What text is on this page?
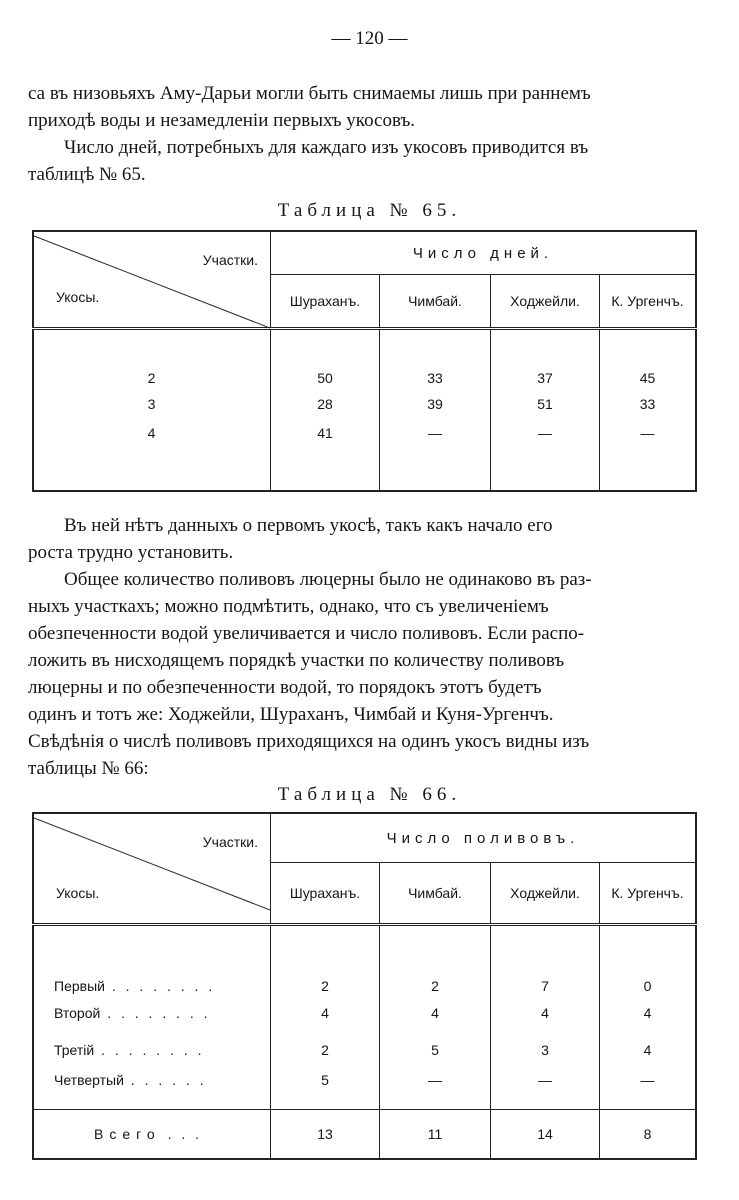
— 120 —

са въ низовьяхъ Аму-Дарьи могли быть снимаемы лишь при раннемъ
приходѣ воды и незамедленіи первыхъ укосовъ.

Число дней, потребныхъ для каждаго изъ укосовъ приводится въ
таблицѣ № 65.

Таблица № 65.
Участки.
Укосы.	Число дней.			
	Шураханъ.	Чимбай.	Ходжейли.	К. Ургенчъ.
2	50	33	37	45
3	28	39	51	33
4	41	—	—	—

Въ ней нѣтъ данныхъ о первомъ укосѣ, такъ какъ начало его
роста трудно установить.

Общее количество поливовъ люцерны было не одинаково въ раз-
ныхъ участкахъ; можно подмѣтить, однако, что съ увеличеніемъ
обезпеченности водой увеличивается и число поливовъ. Если распо-
ложить въ нисходящемъ порядкѣ участки по количеству поливовъ
люцерны и по обезпеченности водой, то порядокъ этотъ будетъ
одинъ и тотъ же: Ходжейли, Шураханъ, Чимбай и Куня-Ургенчъ.
Свѣдѣнія о числѣ поливовъ приходящихся на одинъ укосъ видны изъ
таблицы № 66:

Таблица № 66.
Участки.
Укосы.	Число поливовъ.			
	Шураханъ.	Чимбай.	Ходжейли.	К. Ургенчъ.
Первый . . . . . . . .	2	2	7	0
Второй . . . . . . . .	4	4	4	4
Третій . . . . . . . .	2	5	3	4
Четвертый . . . . . .	5	—	—	—
Всего . . .	13	11	14	8
